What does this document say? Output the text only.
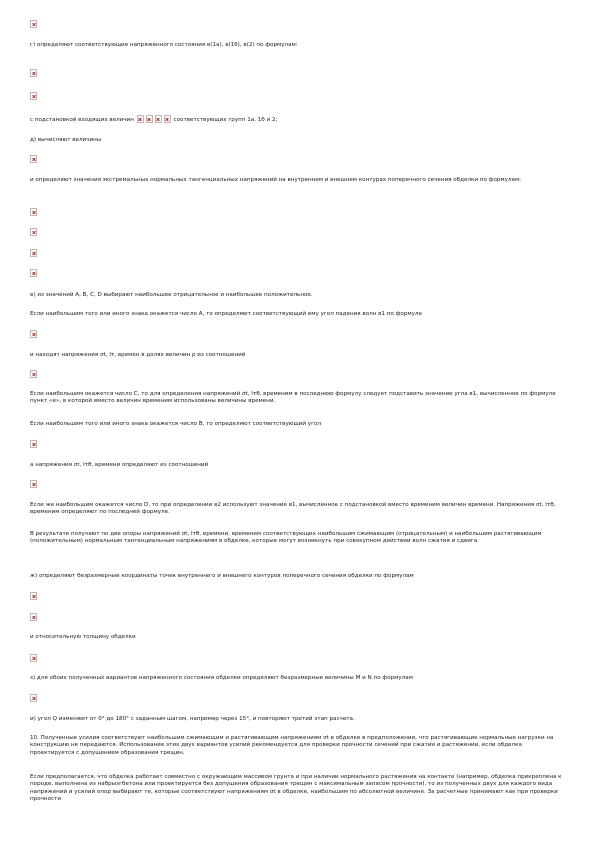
г) определяют соответствующие напряженного состояния в(1а), в(1б), в(2) по формулам:
с подстановкой входящих величин	соответствующих групп 1а, 1б и 2;
д) вычисляют величины
и определяют значения экстремальных нормальных тангенциальных напряжений на внутреннем и внешнем контурах поперечного сечения обделки по формулам:
е) из значений A, B, C, D выбирают наибольшее отрицательное и наибольшее положительное.
Если наибольшим того или иного знака окажется число A, то определяют соответствующий ему угол падения волн в1 по формуле
и находят напряжения σt, lτ, времен в долях величин p из соотношений
Если наибольшим окажется число C, то для определения напряжений σt, lτθ, временим в последнюю формулу следует подставить значение угла в1, вычисленное по формуле пункт «е», в которой вместо величин временим использованы величины времени.
Если наибольшим того или иного знака окажется число B, то определяют соответствующий угол
а напряжения σt, lτθ, времени определяют из соотношений
Если же наибольшим окажется число D, то при определении в2 используют значение в1, вычисленное с подстановкой вместо временим величин времени. Напряжения σt, lτθ, временим определяют по последней формуле.
В результате получают по две опоры напряжений σt, lτθ, времени, временим соответствующих наибольшим сжимающим (отрицательным) и наибольшим растягивающим (положительным) нормальным тангенциальным напряжениям в обделке, которые могут возникнуть при совокупном действии волн сжатия и сдвига.
ж) определяют безразмерные координаты точек внутреннего и внешнего контуров поперечного сечения обделки по формулам
и относительную толщину обделки
з) для обоих полученных вариантов напряженного состояния обделки определяют безразмерные величины M и N по формулам
и) угол Q изменяют от 0° до 180° с заданным шагом, например через 15°, и повторяют третий этап расчета.
10. Полученные усилия соответствуют наибольшим сжимающим и растягивающим напряжениям σt в обделке в предположении, что растягивающие нормальные нагрузки на конструкцию не передаются. Использование этих двух вариантов усилий рекомендуется для проверки прочности сечений при сжатии и растяжении, если обделка проектируется с допущением образования трещин.
Если предполагается, что обделка работает совместно с окружающим массивом грунта и при наличии нормального растяжения на контакте (например, обделка прикреплена к породе, выполнена из набрызгбетона или проектируется без допущения образования трещин с максимальным запасом прочности), то из полученных двух для каждого вида напряжений и усилий опор выбирают те, которые соответствуют напряжениям σt в обделке, наибольшим по абсолютной величине. За расчетные принимают как при проверки прочности
